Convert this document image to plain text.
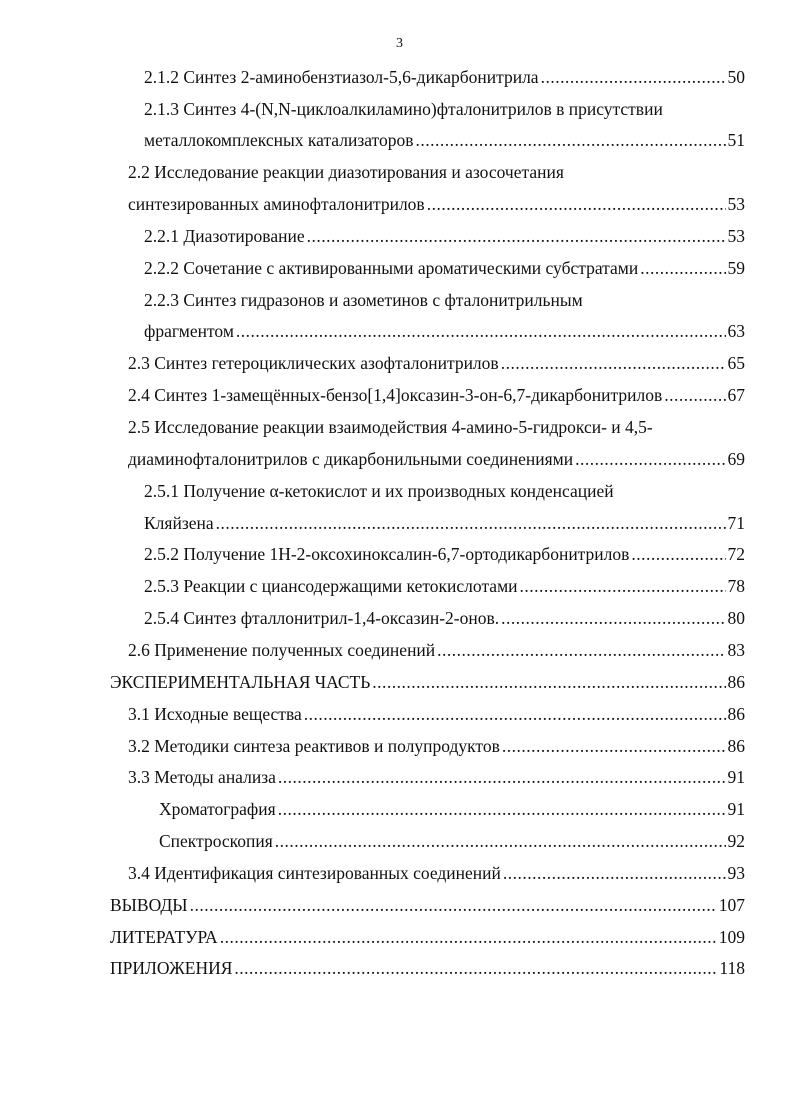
3
2.1.2 Синтез 2-аминобензтиазол-5,6-дикарбонитрила .....	50
2.1.3 Синтез 4-(N,N-циклоалкиламино)фталонитрилов в присутствии
металлокомплексных катализаторов .....	51
2.2 Исследование реакции диазотирования и азосочетания
синтезированных аминофталонитрилов .....	53
2.2.1 Диазотирование .....	53
2.2.2 Сочетание с активированными ароматическими субстратами .....	59
2.2.3 Синтез гидразонов и азометинов с фталонитрильным
фрагментом .....	63
2.3 Синтез гетероциклических азофталонитрилов .....	65
2.4 Синтез 1-замещённых-бензо[1,4]оксазин-3-он-6,7-дикарбонитрилов .....	67
2.5 Исследование реакции взаимодействия 4-амино-5-гидрокси- и 4,5-
диаминофталонитрилов с дикарбонильными соединениями .....	69
2.5.1 Получение α-кетокислот и их производных конденсацией
Кляйзена .....	71
2.5.2 Получение 1H-2-оксохиноксалин-6,7-ортодикарбонитрилов .....	72
2.5.3 Реакции с циансодержащими кетокислотами .....	78
2.5.4 Синтез фталлонитрил-1,4-оксазин-2-онов. .....	80
2.6 Применение полученных соединений .....	83
ЭКСПЕРИМЕНТАЛЬНАЯ ЧАСТЬ .....	86
3.1 Исходные вещества .....	86
3.2 Методики синтеза реактивов и полупродуктов .....	86
3.3 Методы анализа .....	91
Хроматография .....	91
Спектроскопия .....	92
3.4 Идентификация синтезированных соединений .....	93
ВЫВОДЫ .....	107
ЛИТЕРАТУРА .....	109
ПРИЛОЖЕНИЯ .....	118
